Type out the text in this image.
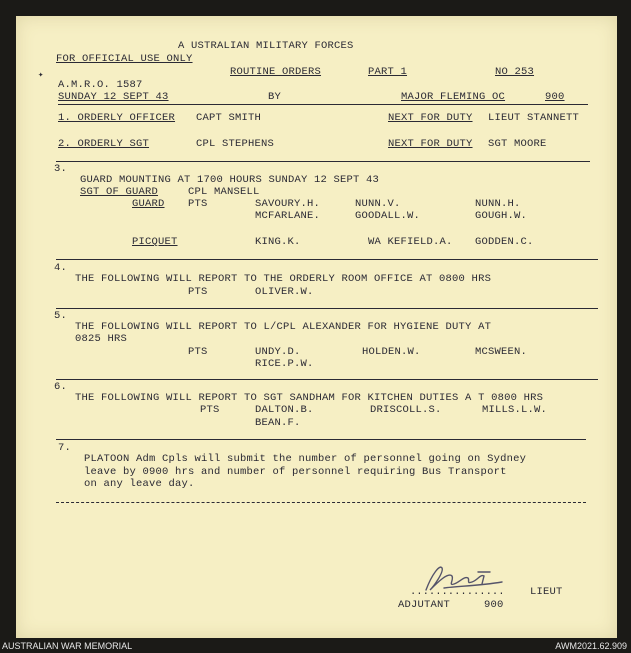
A USTRALIAN MILITARY FORCES
FOR OFFICIAL USE ONLY
✦	ROUTINE ORDERS	PART 1	NO 253
A.M.R.O. 1587
SUNDAY 12 SEPT 43	BY	MAJOR FLEMING OC	900
1. ORDERLY OFFICER CAPT SMITH	NEXT FOR DUTY LIEUT STANNETT
2. ORDERLY SGT	CPL STEPHENS	NEXT FOR DUTY SGT MOORE
3.
GUARD MOUNTING AT 1700 HOURS SUNDAY 12 SEPT 43
SGT OF GUARD	CPL MANSELL
GUARD PTS	SAVOURY.H.	NUNN.V.	NUNN.H.
MCFARLANE.	GOODALL.W.	GOUGH.W.
PICQUET	KING.K.	WA KEFIELD.A. GODDEN.C.
4.
THE FOLLOWING WILL REPORT TO THE ORDERLY ROOM OFFICE AT 0800 HRS
PTS	OLIVER.W.
5.
THE FOLLOWING WILL REPORT TO L/CPL ALEXANDER FOR HYGIENE DUTY AT
0825 HRS
PTS	UNDY.D.	HOLDEN.W.	MCSWEEN.
RICE.P.W.
6.
THE FOLLOWING WILL REPORT TO SGT SANDHAM FOR KITCHEN DUTIES A T 0800 HRS
PTS	DALTON.B.	DRISCOLL.S.	MILLS.L.W.
BEAN.F.
7.
PLATOON Adm Cpls will submit the number of personnel going on Sydney
leave by 0900 hrs and number of personnel requiring Bus Transport
on any leave day.
............... LIEUT
ADJUTANT	900
AUSTRALIAN WAR MEMORIAL	AWM2021.62.909
